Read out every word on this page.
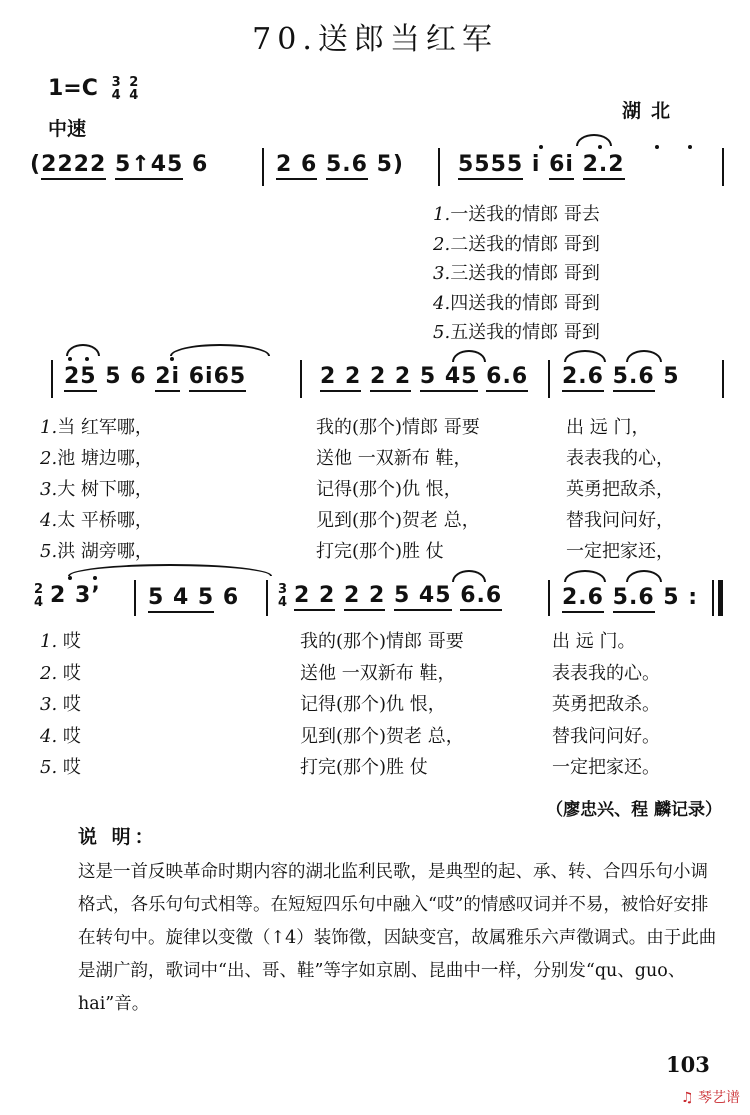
70.送郎当红军
1=C 3
4

2
4
中速
湖北
(2222 5↑45 6	2 6 5.6 5) 5555 i 6i 2.2
1.一送我的情郎 哥去
2.二送我的情郎 哥到
3.三送我的情郎 哥到
4.四送我的情郎 哥到
5.五送我的情郎 哥到
25 5 6 2i 6i65	2 2 2 2 5 45 6.6 2.6 5.6 5
1.当 红军哪，
2.池 塘边哪，
3.大 树下哪，
4.太 平桥哪，
5.洪 湖旁哪，
我的(那个)情郎 哥要
送他 一双新布 鞋，
记得(那个)仇 恨，
见到(那个)贺老 总，
打完(那个)胜 仗
出 远 门，
表表我的心，
英勇把敌杀，
替我问问好，
一定把家还，
2
4 2 3’ 5 4 5 6	3
4 2 2 2 2 5 45 6.6	2.6 5.6 5 :
1. 哎
2. 哎
3. 哎
4. 哎
5. 哎
我的(那个)情郎 哥要
送他 一双新布 鞋，
记得(那个)仇 恨，
见到(那个)贺老 总，
打完(那个)胜 仗
出 远 门。
表表我的心。
英勇把敌杀。
替我问问好。
一定把家还。
（廖忠兴、程 麟记录）
说 明：
这是一首反映革命时期内容的湖北监利民歌，是典型的起、承、转、合四乐句小调格式，各乐句句式相等。在短短四乐句中融入“哎”的情感叹词并不易，被恰好安排在转句中。旋律以变徵（↑4）装饰徵，因缺变宫，故属雅乐六声徵调式。由于此曲是湖广韵，歌词中“出、哥、鞋”等字如京剧、昆曲中一样，分别发“qu、guo、hai”音。
103
♫ 琴艺谱
